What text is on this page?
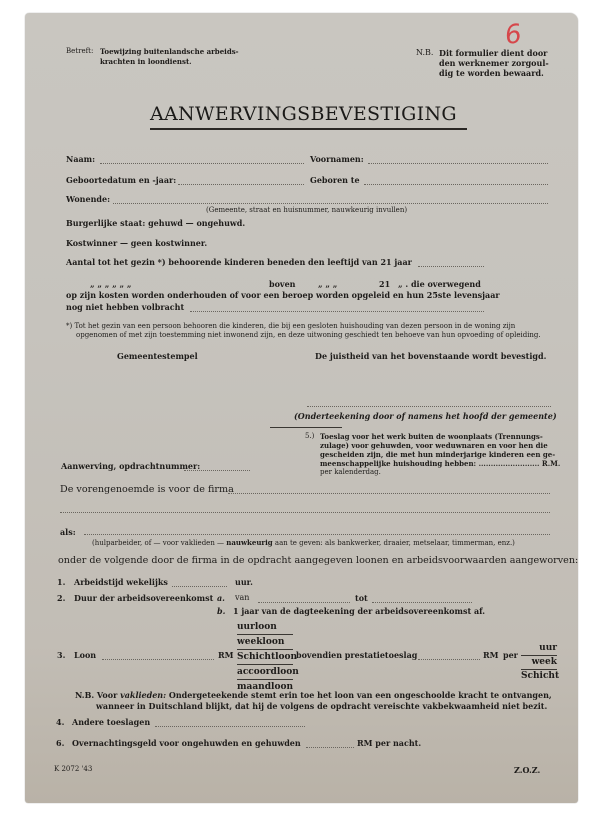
6
Betreft: Toewijzing buitenlandsche arbeids-
krachten in loondienst.
N.B. Dit formulier dient door
den werknemer zorgoul-
dig te worden bewaard.
AANWERVINGSBEVESTIGING
Naam:	Voornamen:
Geboortedatum en -jaar:	Geboren te
Wonende:
(Gemeente, straat en huisnummer, nauwkeurig invullen)
Burgerlijke staat: gehuwd — ongehuwd.
Kostwinner — geen kostwinner.
Aantal tot het gezin *) behoorende kinderen beneden den leeftijd van 21 jaar
„ „ „ „ „ „	boven	„ „ „	21 „ . die overwegend
op zijn kosten worden onderhouden of voor een beroep worden opgeleid en hun 25ste levensjaar
nog niet hebben volbracht
*) Tot het gezin van een persoon behooren die kinderen, die bij een gesloten huishouding van dezen persoon in de woning zijn
opgenomen of met zijn toestemming niet inwonend zijn, en deze uitwoning geschiedt ten behoeve van hun opvoeding of opleiding.
Gemeentestempel	De juistheid van het bovenstaande wordt bevestigd.
(Onderteekening door of namens het hoofd der gemeente)
5.) Toeslag voor het werk buiten de woonplaats (Trennungs-
zulage) voor gehuwden, voor weduwnaren en voor hen die
gescheiden zijn, die met hun minderjarige kinderen een ge-
meenschappelijke huishouding hebben: ......................... R.M.
per kalenderdag.
Aanwerving, opdrachtnummer:
De vorengenoemde is voor de firma
als:
(hulparbeider, of — voor vaklieden — nauwkeurig aan te geven: als bankwerker, draaier, metselaar, timmerman, enz.)
onder de volgende door de firma in de opdracht aangegeven loonen en arbeidsvoorwaarden aangeworven:
1. Arbeidstijd wekelijks	uur.
2. Duur der arbeidsovereenkomst a. van	tot
b. 1 jaar van de dagteekening der arbeidsovereenkomst af.
uurloon
weekloon
Schichtloon
accoordloon
maandloon
3. Loon	RM	bovendien prestatietoeslag	RM per
uur
week
Schicht
N.B. Voor vaklieden: Ondergeteekende stemt erin toe het loon van een ongeschoolde kracht te ontvangen,
wanneer in Duitschland blijkt, dat hij de volgens de opdracht vereischte vakbekwaamheid niet bezit.
4. Andere toeslagen
6. Overnachtingsgeld voor ongehuwden en gehuwden	RM per nacht.
K 2072 '43	Z.O.Z.
